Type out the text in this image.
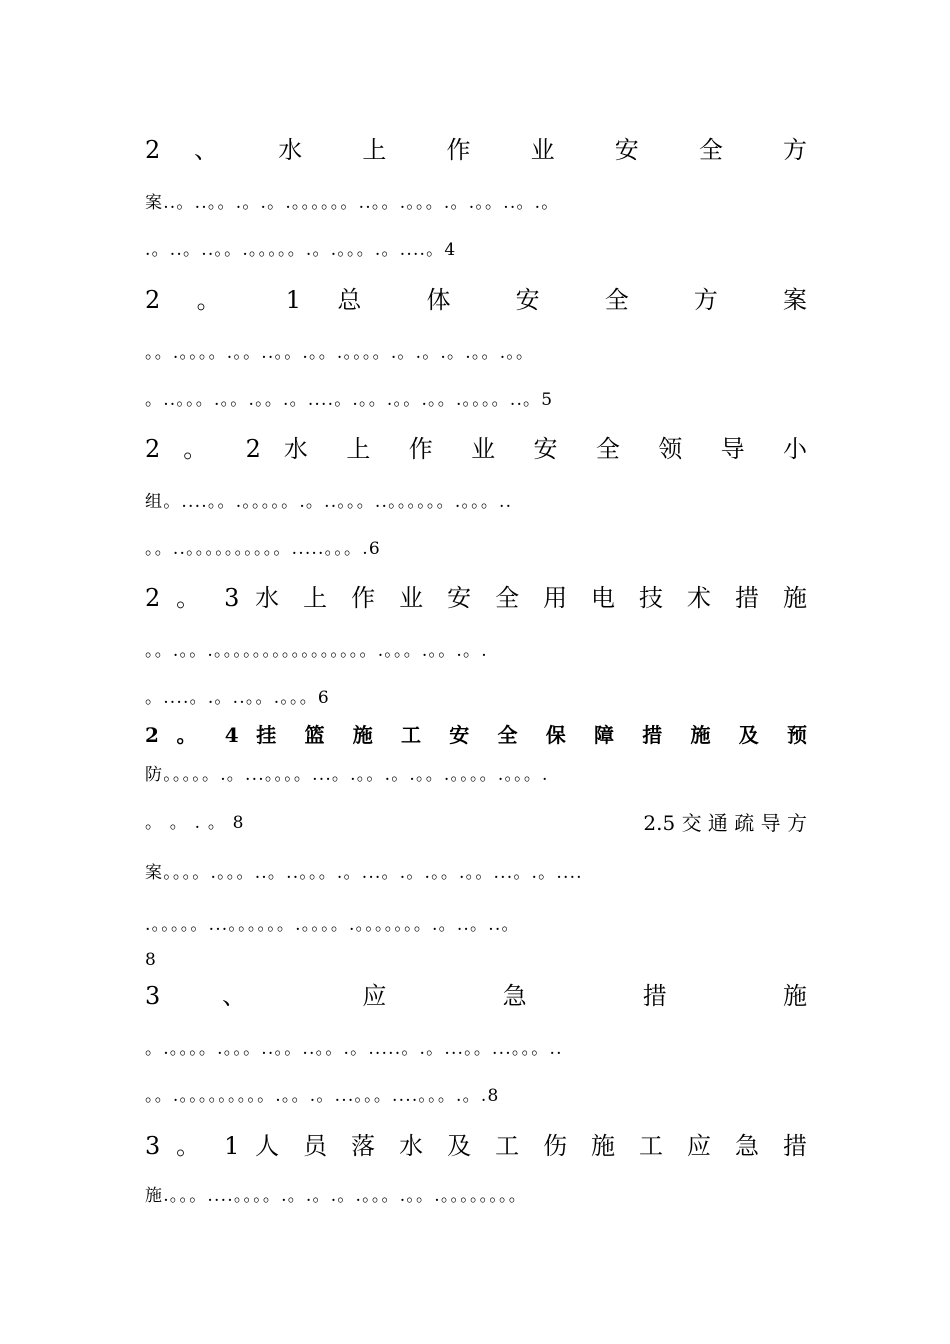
2 、 水 上 作 业 安 全 方
案..。..。。.。.。.。。。。。。..。。.。。。.。.。。..。.。
.。..。..。。.。。。。。.。.。。。.。....。4
2 。 1 总 体 安 全 方 案
。。.。。。。.。。..。。.。。.。。。。.。.。.。.。。.。。
。..。。。.。。.。。.。....。.。。.。。.。。.。。。。..。5
2 。 2 水 上 作 业 安 全 领 导 小
组。....。。.。。。。。.。..。。。..。。。。。。.。。。..
。。..。。。。。。。。。。.....。。。.6
2 。 3 水 上 作 业 安 全 用 电 技 术 措 施
。。.。。.。。。。。。。。。。。。。。。。.。。。.。。.。.
。....。.。..。。.。。。6
2 。 4 挂 篮 施 工 安 全 保 障 措 施 及 预
防。。。。。.。...。。。。...。.。。.。.。。.。。。。.。。。.
。 。 . 。 8	2.5 交 通 疏 导 方
案。。。。.。。。..。..。。。.。...。.。.。。.。。...。.。....
.。。。。。...。。。。。。.。。。。.。。。。。。。.。..。..。
8
3 、 应 急 措 施
。.。。。。.。。。..。。..。。.。.....。.。...。。...。。。..
。。.。。。。。。。。。.。。.。...。。。....。。。.。.8
3 。 1 人 员 落 水 及 工 伤 施 工 应 急 措
施.。。。....。。。。.。.。.。.。。。.。。.。。。。。。。。
